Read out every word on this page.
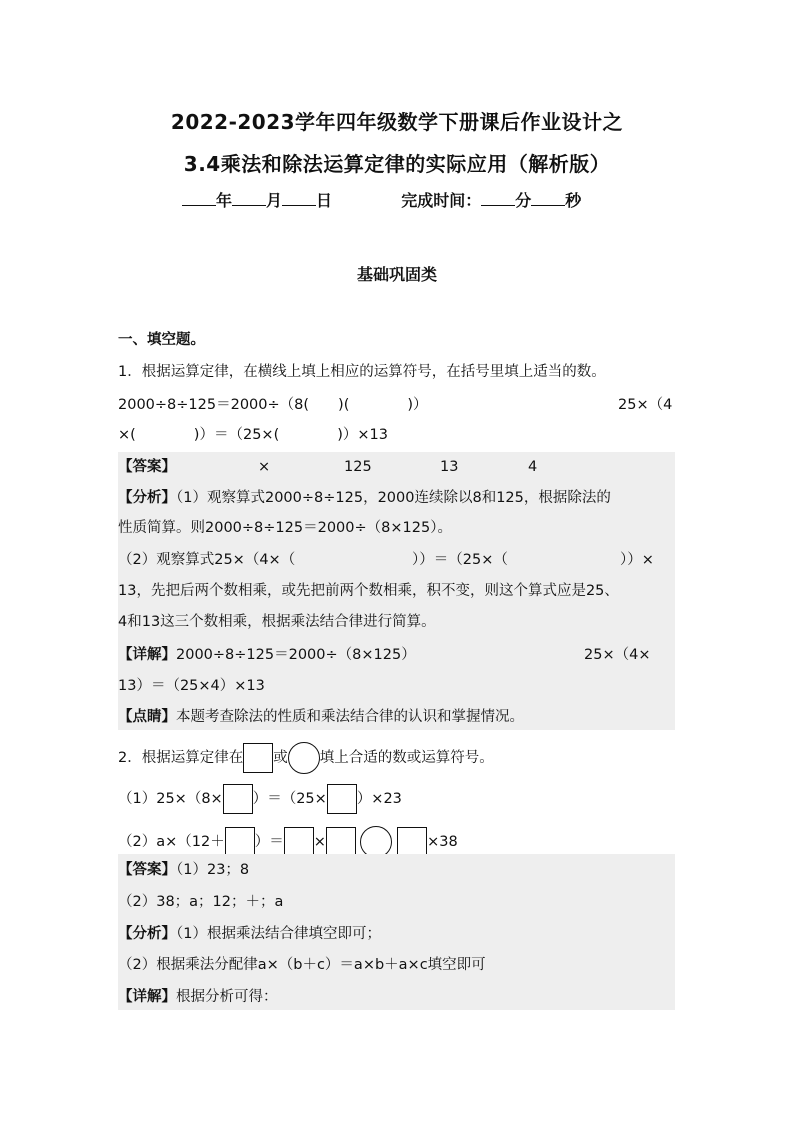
2022-2023学年四年级数学下册课后作业设计之
3.4乘法和除法运算定律的实际应用（解析版）
年 月 日	完成时间： 分 秒
基础巩固类
一、填空题。
1．根据运算定律，在横线上填上相应的运算符号，在括号里填上适当的数。
2000÷8÷125＝2000÷（8(　　)(　　　　)）	25×（4
×(　　　　)）＝（25×(　　　　)）×13
【答案】	×	125	13	4
【分析】（1）观察算式2000÷8÷125，2000连续除以8和125，根据除法的
性质简算。则2000÷8÷125＝2000÷（8×125）。
（2）观察算式25×（4×（	））＝（25×（	））×
13，先把后两个数相乘，或先把前两个数相乘，积不变，则这个算式应是25、
4和13这三个数相乘，根据乘法结合律进行简算。
【详解】2000÷8÷125＝2000÷（8×125）	25×（4×
13）＝（25×4）×13
【点睛】本题考查除法的性质和乘法结合律的认识和掌握情况。
2．根据运算定律在 或 填上合适的数或运算符号。
（1）25×（8× ）＝（25× ）×23
（2）a×（12＋ ）＝ ×	×38
【答案】（1）23；8
（2）38；a；12；＋；a
【分析】（1）根据乘法结合律填空即可；
（2）根据乘法分配律a×（b＋c）＝a×b＋a×c填空即可
【详解】根据分析可得：
